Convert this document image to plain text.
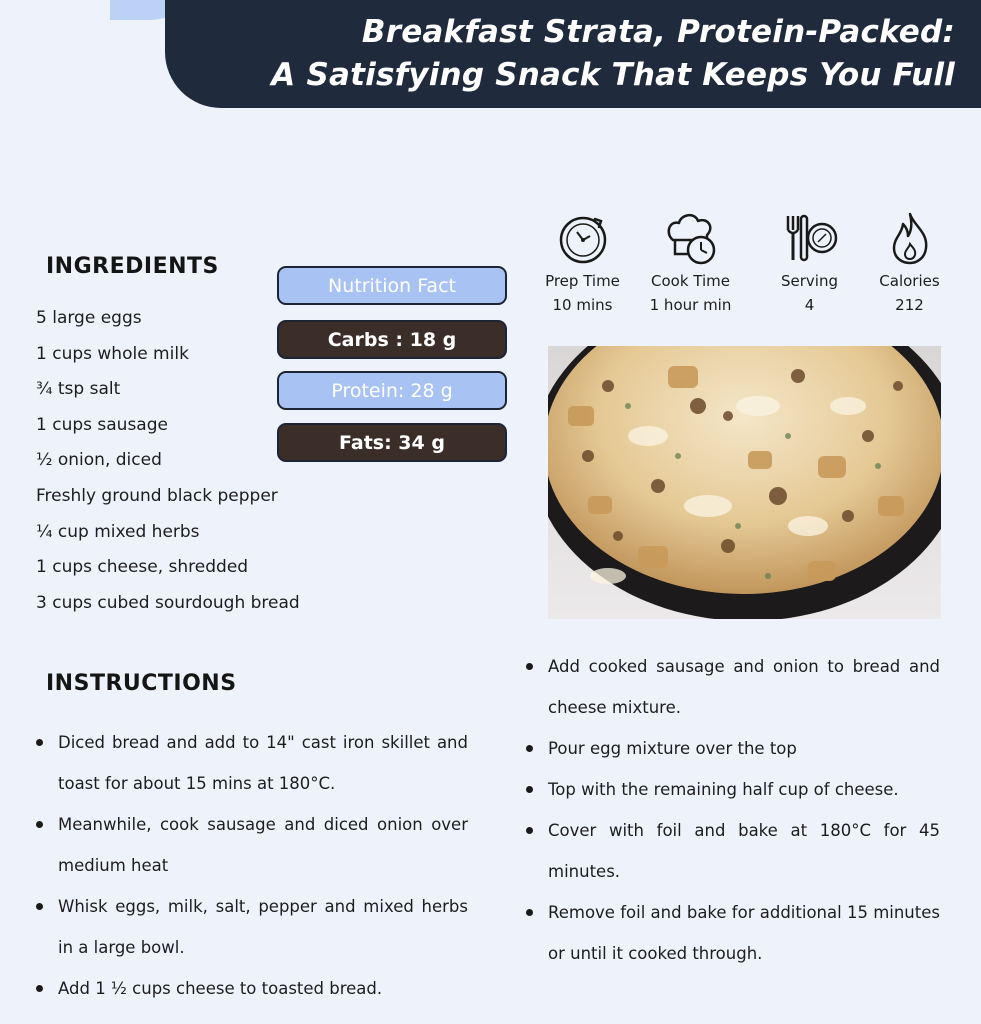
Breakfast Strata, Protein-Packed:
A Satisfying Snack That Keeps You Full
INGREDIENTS
5 large eggs
1 cups whole milk
¾ tsp salt
1 cups sausage
½ onion, diced
Freshly ground black pepper
¼ cup mixed herbs
1 cups cheese, shredded
3 cups cubed sourdough bread
Nutrition Fact
Carbs : 18 g
Protein: 28 g
Fats: 34 g
Prep Time
10 mins
Cook Time
1 hour min
Serving
4
Calories
212
INSTRUCTIONS
Diced bread and add to 14" cast iron skillet and toast for about 15 mins at 180°C.
Meanwhile, cook sausage and diced onion over medium heat
Whisk eggs, milk, salt, pepper and mixed herbs in a large bowl.
Add 1 ½ cups cheese to toasted bread.
Add cooked sausage and onion to bread and cheese mixture.
Pour egg mixture over the top
Top with the remaining half cup of cheese.
Cover with foil and bake at 180°C for 45 minutes.
Remove foil and bake for additional 15 minutes or until it cooked through.
